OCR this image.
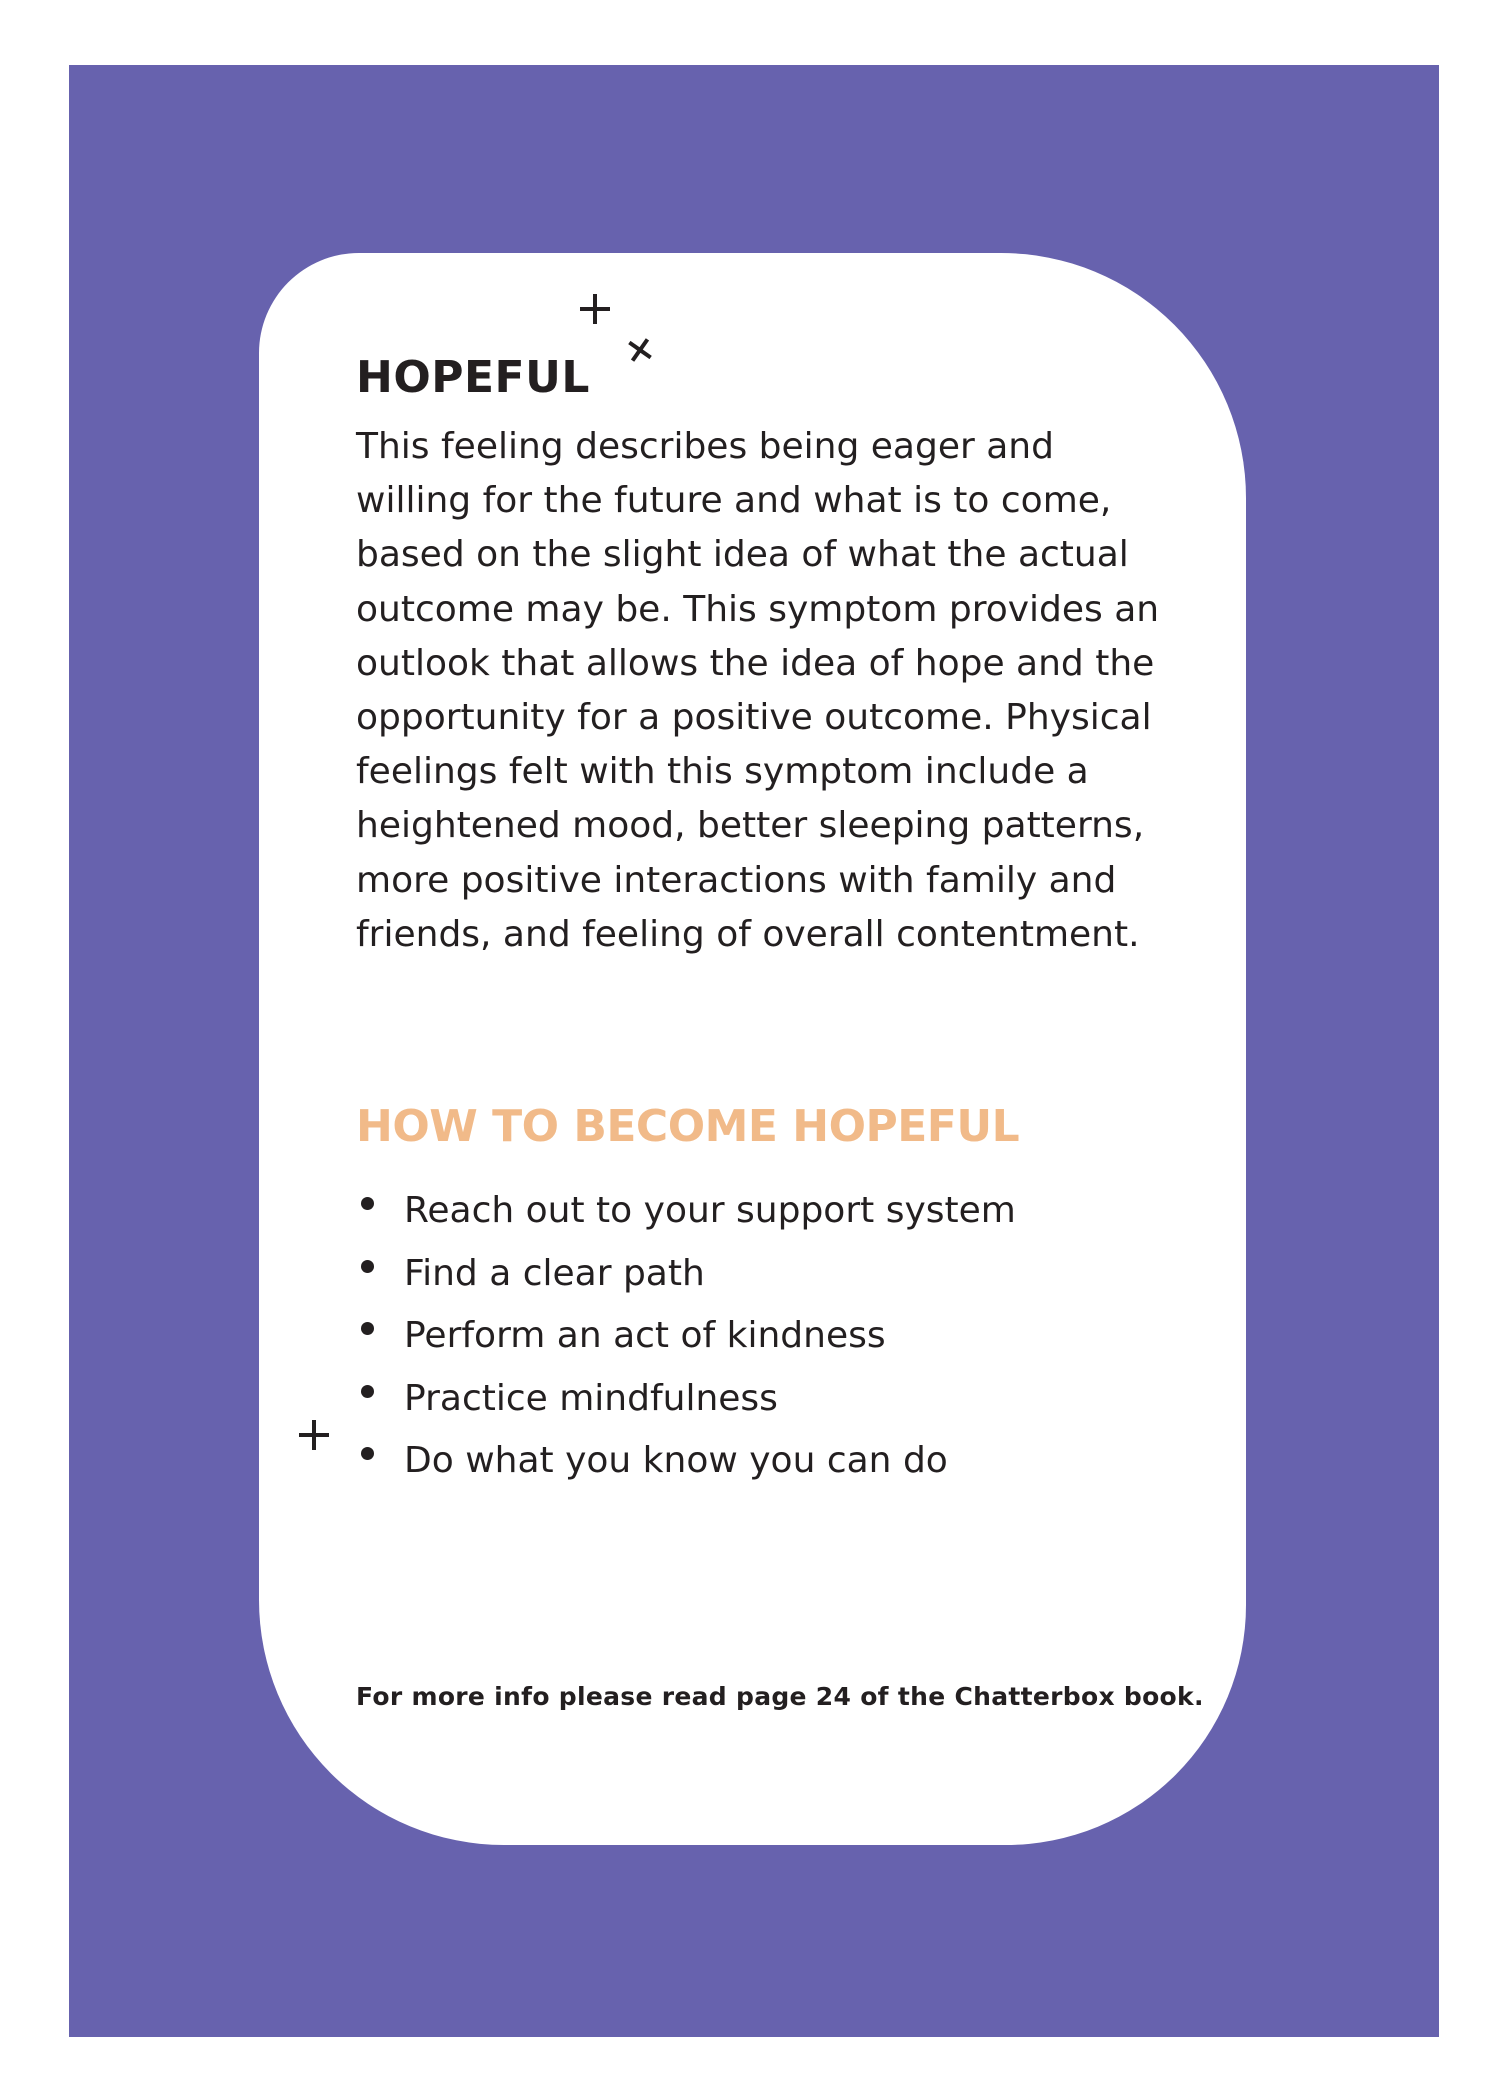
HOPEFUL

This feeling describes being eager and willing for the future and what is to come, based on the slight idea of what the actual outcome may be. This symptom provides an outlook that allows the idea of hope and the opportunity for a positive outcome. Physical feelings felt with this symptom include a heightened mood, better sleeping patterns, more positive interactions with family and friends, and feeling of overall contentment.

HOW TO BECOME HOPEFUL
Reach out to your support system
Find a clear path
Perform an act of kindness
Practice mindfulness
Do what you know you can do

For more info please read page 24 of the Chatterbox book.
